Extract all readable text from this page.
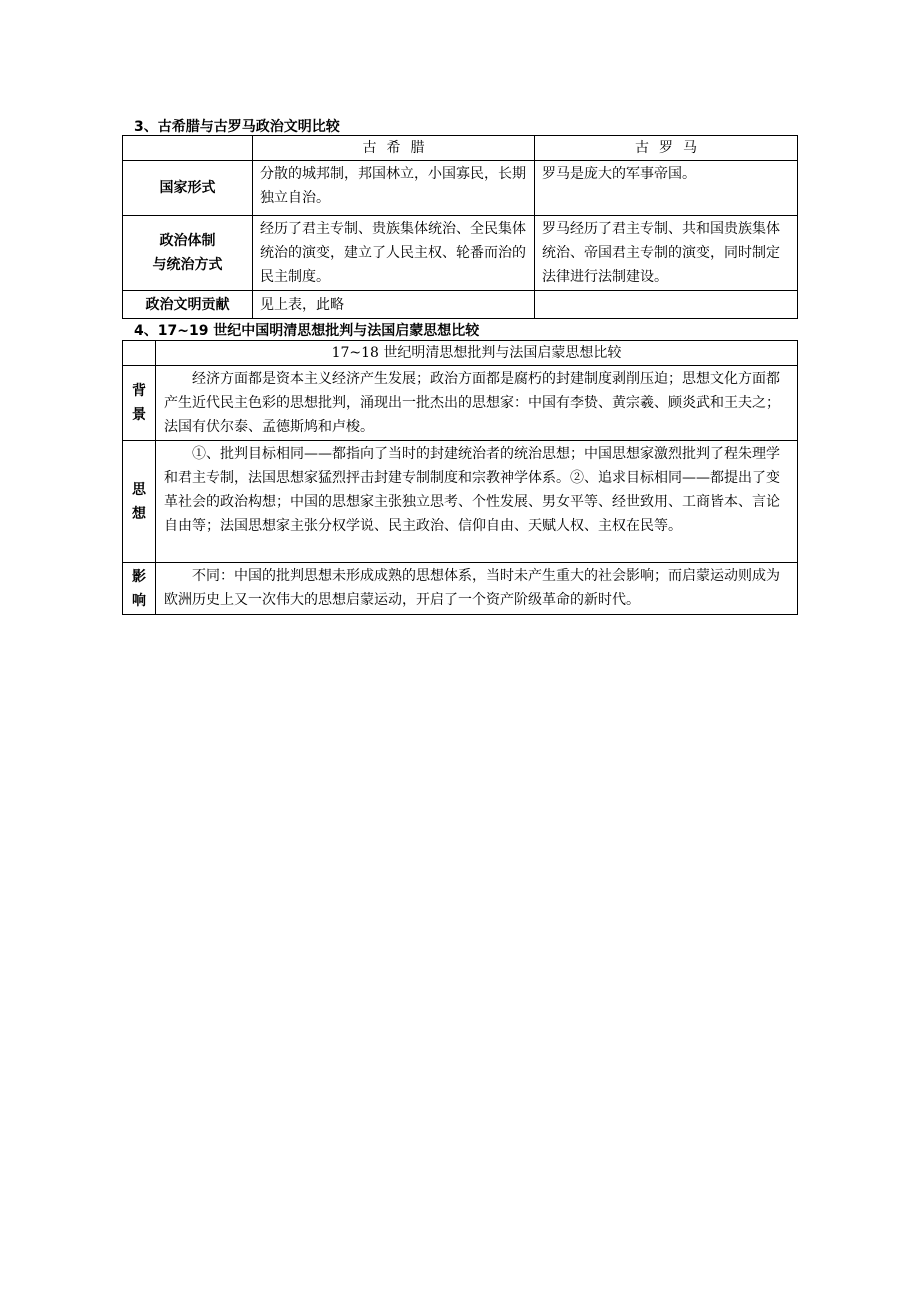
3、古希腊与古罗马政治文明比较
	古希腊	古罗马
国家形式	分散的城邦制，邦国林立，小国寡民，长期独立自治。	罗马是庞大的军事帝国。

政治体制
与统治方式	经历了君主专制、贵族集体统治、全民集体统治的演变，建立了人民主权、轮番而治的民主制度。	罗马经历了君主专制、共和国贵族集体统治、帝国君主专制的演变，同时制定法律进行法制建设。
政治文明贡献	见上表，此略	
4、17~19 世纪中国明清思想批判与法国启蒙思想比较
	17~18 世纪明清思想批判与法国启蒙思想比较

背
景	经济方面都是资本主义经济产生发展；政治方面都是腐朽的封建制度剥削压迫；思想文化方面都产生近代民主色彩的思想批判，涌现出一批杰出的思想家：中国有李贽、黄宗羲、顾炎武和王夫之；法国有伏尔泰、孟德斯鸠和卢梭。

思
想	①、批判目标相同——都指向了当时的封建统治者的统治思想；中国思想家激烈批判了程朱理学和君主专制，法国思想家猛烈抨击封建专制制度和宗教神学体系。②、追求目标相同——都提出了变革社会的政治构想；中国的思想家主张独立思考、个性发展、男女平等、经世致用、工商皆本、言论自由等；法国思想家主张分权学说、民主政治、信仰自由、天赋人权、主权在民等。

影
响	不同：中国的批判思想未形成成熟的思想体系，当时未产生重大的社会影响；而启蒙运动则成为欧洲历史上又一次伟大的思想启蒙运动，开启了一个资产阶级革命的新时代。
